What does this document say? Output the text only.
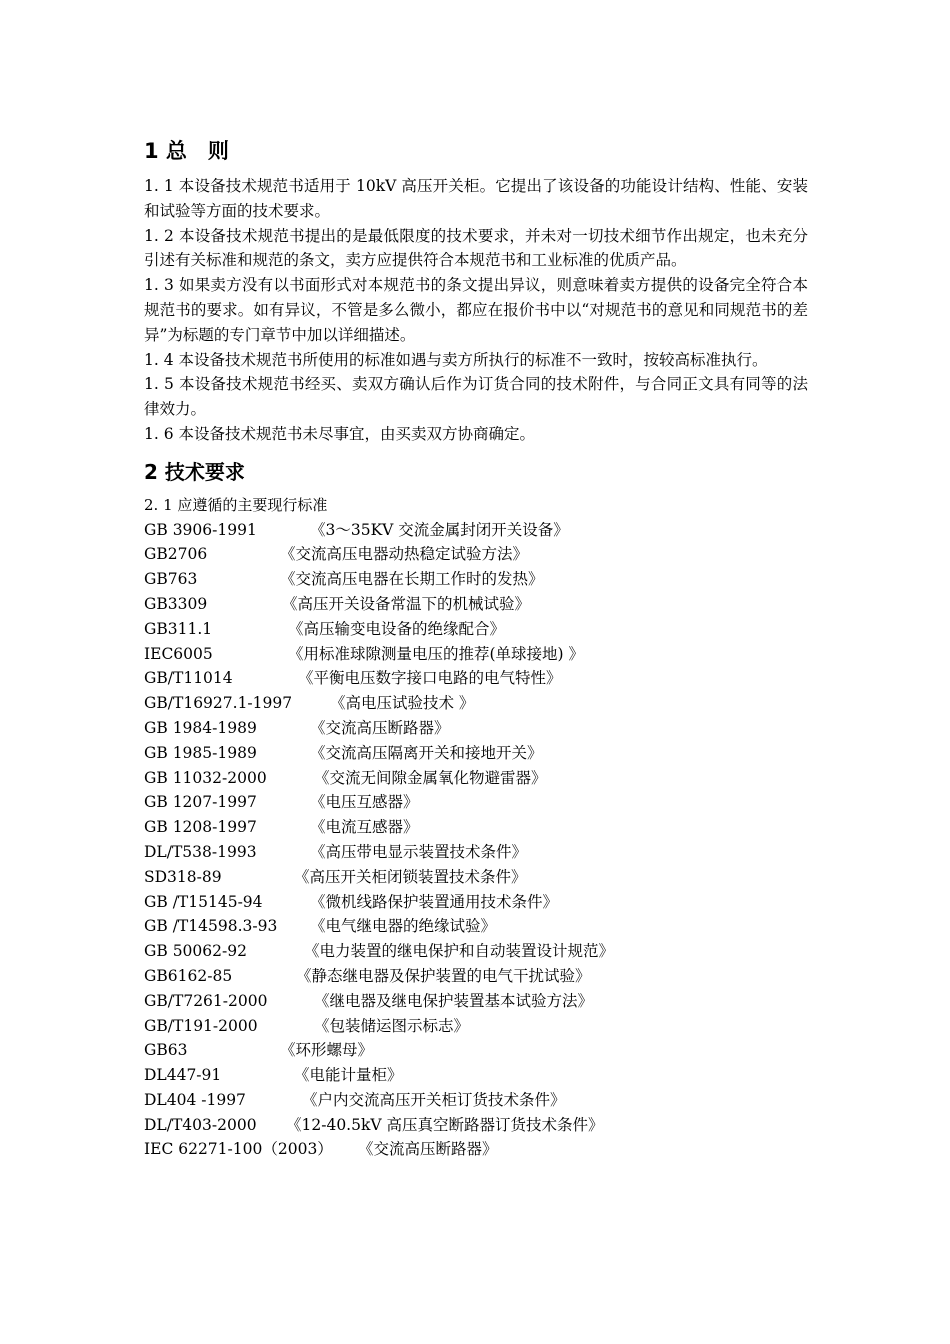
1 总　则

1. 1 本设备技术规范书适用于 10kV 高压开关柜。它提出了该设备的功能设计结构、性能、安装和试验等方面的技术要求。

1. 2 本设备技术规范书提出的是最低限度的技术要求，并未对一切技术细节作出规定，也未充分引述有关标准和规范的条文，卖方应提供符合本规范书和工业标准的优质产品。

1. 3 如果卖方没有以书面形式对本规范书的条文提出异议，则意味着卖方提供的设备完全符合本规范书的要求。如有异议，不管是多么微小，都应在报价书中以“对规范书的意见和同规范书的差异”为标题的专门章节中加以详细描述。

1. 4 本设备技术规范书所使用的标准如遇与卖方所执行的标准不一致时，按较高标准执行。

1. 5 本设备技术规范书经买、卖双方确认后作为订货合同的技术附件，与合同正文具有同等的法律效力。

1. 6 本设备技术规范书未尽事宜，由买卖双方协商确定。

2 技术要求

2. 1 应遵循的主要现行标准

GB 3906-1991	《3～35KV 交流金属封闭开关设备》
GB2706	《交流高压电器动热稳定试验方法》
GB763	《交流高压电器在长期工作时的发热》
GB3309	《高压开关设备常温下的机械试验》
GB311.1	《高压输变电设备的绝缘配合》
IEC6005	《用标准球隙测量电压的推荐(单球接地) 》
GB/T11014	《平衡电压数字接口电路的电气特性》
GB/T16927.1-1997 《高电压试验技术 》
GB 1984-1989	《交流高压断路器》
GB 1985-1989	《交流高压隔离开关和接地开关》
GB 11032-2000	《交流无间隙金属氧化物避雷器》
GB 1207-1997	《电压互感器》
GB 1208-1997	《电流互感器》
DL/T538-1993	《高压带电显示装置技术条件》
SD318-89	《高压开关柜闭锁装置技术条件》
GB /T15145-94	《微机线路保护装置通用技术条件》
GB /T14598.3-93 《电气继电器的绝缘试验》
GB 50062-92	《电力装置的继电保护和自动装置设计规范》
GB6162-85	《静态继电器及保护装置的电气干扰试验》
GB/T7261-2000	《继电器及继电保护装置基本试验方法》
GB/T191-2000	《包装储运图示标志》
GB63	《环形螺母》
DL447-91	《电能计量柜》
DL404 -1997	《户内交流高压开关柜订货技术条件》
DL/T403-2000 《12-40.5kV 高压真空断路器订货技术条件》
IEC 62271-100（2003） 《交流高压断路器》
